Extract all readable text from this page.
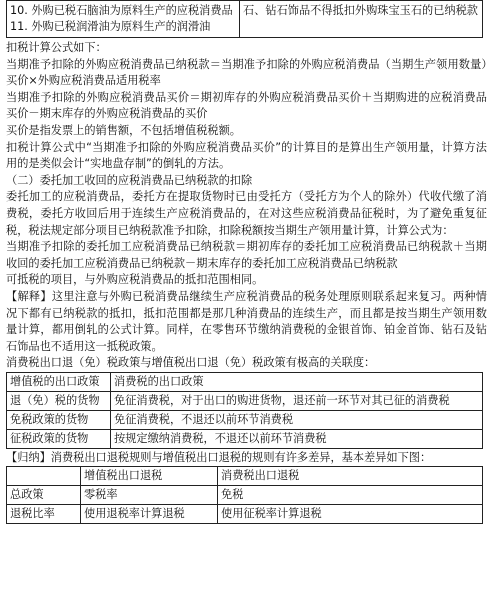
10. 外购已税石脑油为原料生产的应税消费品
11. 外购已税润滑油为原料生产的润滑油	石、钻石饰品不得抵扣外购珠宝玉石的已纳税款

扣税计算公式如下：

当期准予扣除的外购应税消费品已纳税款＝当期准予扣除的外购应税消费品（当期生产领用数量）买价×外购应税消费品适用税率

当期准予扣除的外购应税消费品买价＝期初库存的外购应税消费品买价＋当期购进的应税消费品买价－期末库存的外购应税消费品的买价

买价是指发票上的销售额，不包括增值税税额。

扣税计算公式中“当期准予扣除的外购应税消费品买价”的计算目的是算出生产领用量，计算方法用的是类似会计“实地盘存制”的倒轧的方法。

（二）委托加工收回的应税消费品已纳税款的扣除

委托加工的应税消费品，委托方在提取货物时已由受托方（受托方为个人的除外）代收代缴了消费税，委托方收回后用于连续生产应税消费品的，在对这些应税消费品征税时，为了避免重复征税，税法规定部分项目已纳税款准予扣除，扣除税额按当期生产领用量计算，计算公式为：

当期准予扣除的委托加工应税消费品已纳税款＝期初库存的委托加工应税消费品已纳税款＋当期收回的委托加工应税消费品已纳税款－期末库存的委托加工应税消费品已纳税款

可抵税的项目，与外购应税消费品的抵扣范围相同。

【解释】这里注意与外购已税消费品继续生产应税消费品的税务处理原则联系起来复习。两种情况下都有已纳税款的抵扣，抵扣范围都是那几种消费品的连续生产，而且都是按当期生产领用数量计算，都用倒轧的公式计算。同样，在零售环节缴纳消费税的金银首饰、铂金首饰、钻石及钻石饰品也不适用这一抵税政策。

消费税出口退（免）税政策与增值税出口退（免）税政策有极高的关联度：

增值税的出口政策	消费税的出口政策
退（免）税的货物	免征消费税，对于出口的购进货物，退还前一环节对其已征的消费税
免税政策的货物	免征消费税，不退还以前环节消费税
征税政策的货物	按规定缴纳消费税，不退还以前环节消费税

【归纳】消费税出口退税规则与增值税出口退税的规则有许多差异，基本差异如下图：

	增值税出口退税	消费税出口退税
总政策	零税率	免税
退税比率	使用退税率计算退税	使用征税率计算退税
